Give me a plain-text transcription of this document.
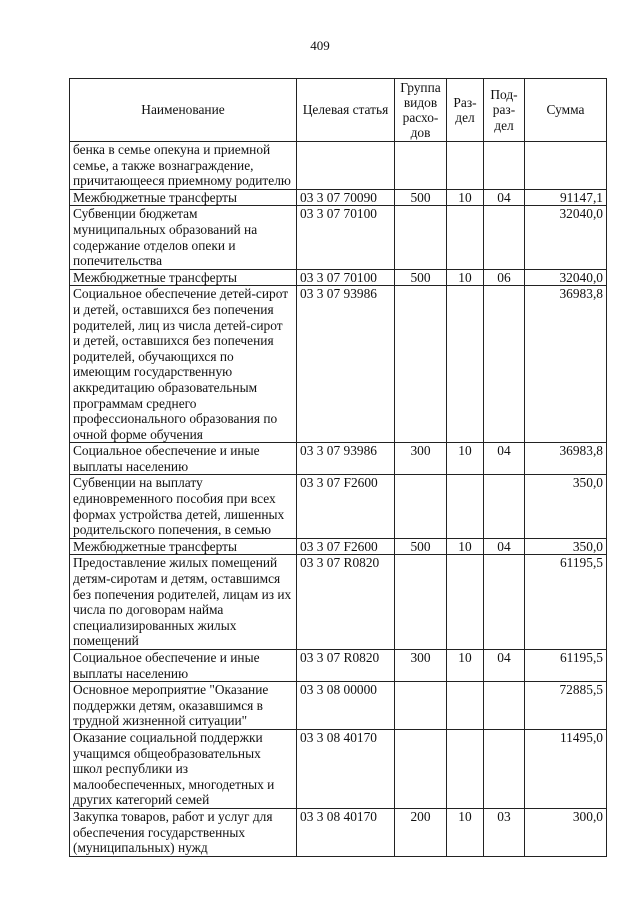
409
Наименование	Целевая статья	Группа видов расхо-дов	Раз-дел	Под-раз-дел	Сумма
бенка в семье опекуна и приемной семье, а также вознаграждение, причитающееся приемному родителю					
Межбюджетные трансферты	03 3 07 70090	500	10	04	91147,1
Субвенции бюджетам муниципальных образований на содержание отделов опеки и попечительства	03 3 07 70100				32040,0
Межбюджетные трансферты	03 3 07 70100	500	10	06	32040,0
Социальное обеспечение детей-сирот и детей, оставшихся без попечения родителей, лиц из числа детей-сирот и детей, оставшихся без попечения родителей, обучающихся по имеющим государственную аккредитацию образовательным программам среднего профессионального образования по очной форме обучения	03 3 07 93986				36983,8
Социальное обеспечение и иные выплаты населению	03 3 07 93986	300	10	04	36983,8
Субвенции на выплату единовременного пособия при всех формах устройства детей, лишенных родительского попечения, в семью	03 3 07 F2600				350,0
Межбюджетные трансферты	03 3 07 F2600	500	10	04	350,0
Предоставление жилых помещений детям-сиротам и детям, оставшимся без попечения родителей, лицам из их числа по договорам найма специализированных жилых помещений	03 3 07 R0820				61195,5
Социальное обеспечение и иные выплаты населению	03 3 07 R0820	300	10	04	61195,5
Основное мероприятие "Оказание поддержки детям, оказавшимся в трудной жизненной ситуации"	03 3 08 00000				72885,5
Оказание социальной поддержки учащимся общеобразовательных школ республики из малообеспеченных, многодетных и других категорий семей	03 3 08 40170				11495,0
Закупка товаров, работ и услуг для обеспечения государственных (муниципальных) нужд	03 3 08 40170	200	10	03	300,0
